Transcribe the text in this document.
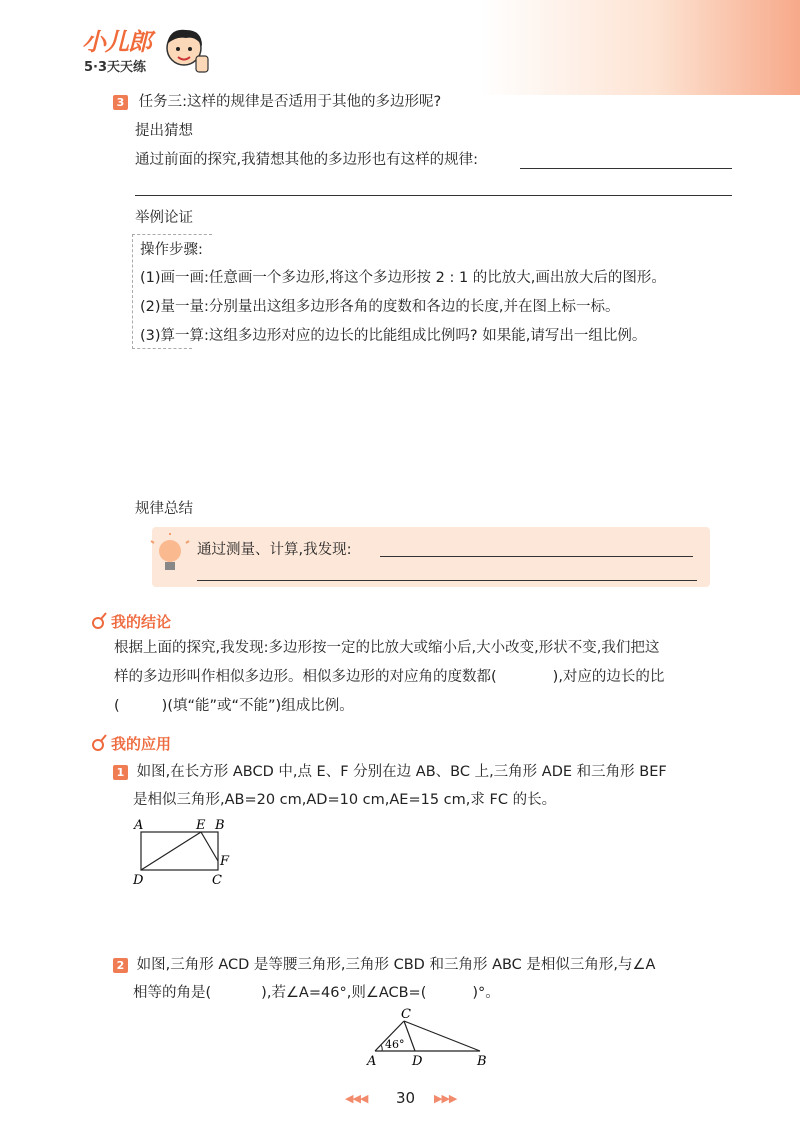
小儿郎
5·3天天练
3 任务三:这样的规律是否适用于其他的多边形呢?
提出猜想
通过前面的探究,我猜想其他的多边形也有这样的规律:
举例论证
操作步骤:
(1)画一画:任意画一个多边形,将这个多边形按 2 : 1 的比放大,画出放大后的图形。
(2)量一量:分别量出这组多边形各角的度数和各边的长度,并在图上标一标。
(3)算一算:这组多边形对应的边长的比能组成比例吗? 如果能,请写出一组比例。
规律总结
通过测量、计算,我发现:
我的结论
根据上面的探究,我发现:多边形按一定的比放大或缩小后,大小改变,形状不变,我们把这
样的多边形叫作相似多边形。相似多边形的对应角的度数都(	),对应的边长的比
(	)(填“能”或“不能”)组成比例。
我的应用
1 如图,在长方形 ABCD 中,点 E、F 分别在边 AB、BC 上,三角形 ADE 和三角形 BEF
是相似三角形,AB=20 cm,AD=10 cm,AE=15 cm,求 FC 的长。
A	E B
F
D	C
2 如图,三角形 ACD 是等腰三角形,三角形 CBD 和三角形 ABC 是相似三角形,与∠A
相等的角是(	),若∠A=46°,则∠ACB=(	)°。
C
46°
A	D	B
◀◀◀ 30 ▶▶▶
